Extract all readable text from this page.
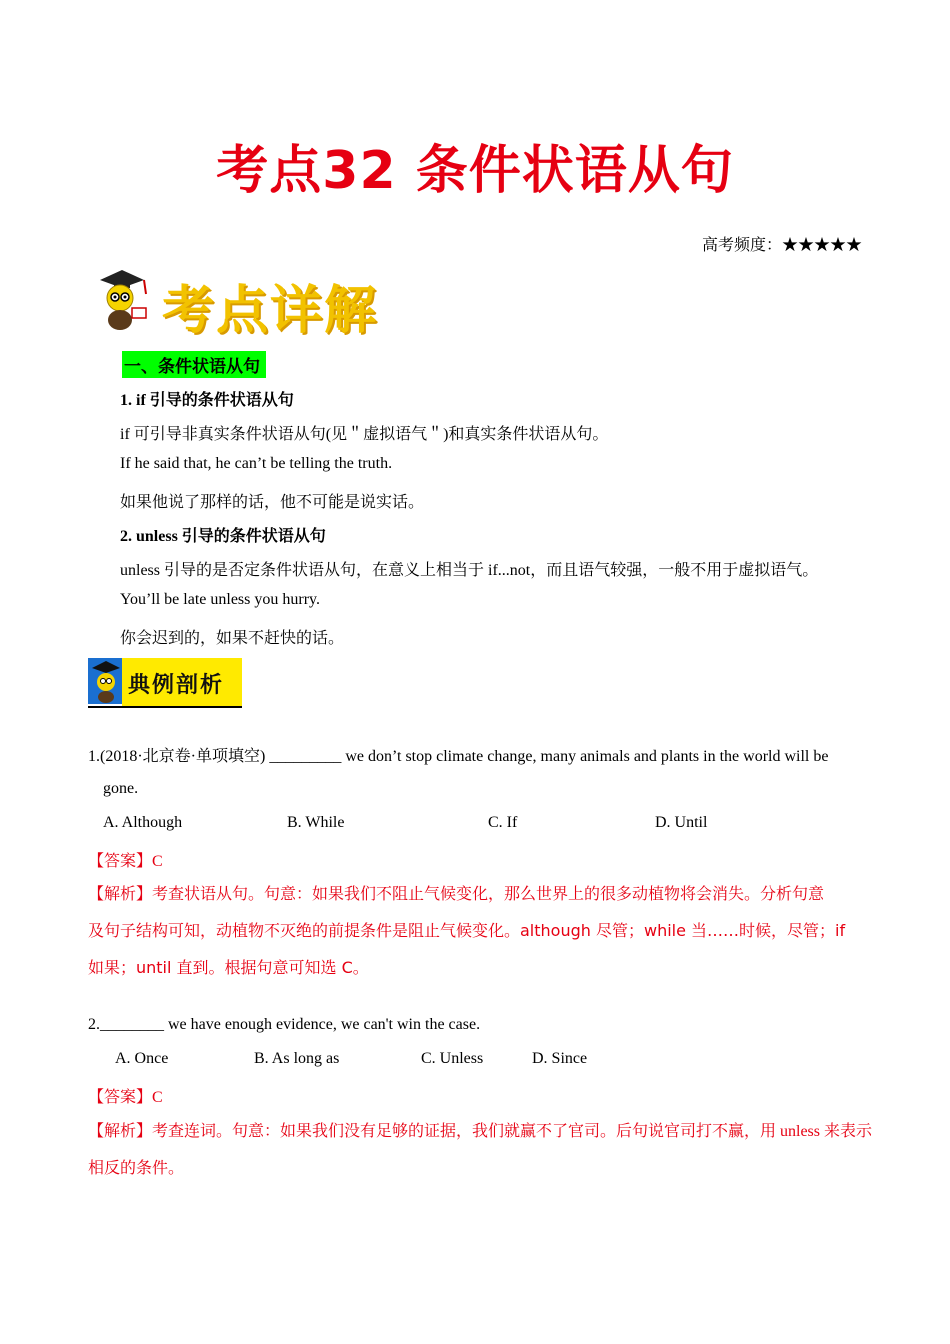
考点32 条件状语从句
高考频度：★★★★★
考点详解
一、条件状语从句
1. if 引导的条件状语从句
if 可引导非真实条件状语从句(见＂虚拟语气＂)和真实条件状语从句。
If he said that, he can’t be telling the truth.
如果他说了那样的话，他不可能是说实话。
2. unless 引导的条件状语从句
unless 引导的是否定条件状语从句，在意义上相当于 if...not，而且语气较强，一般不用于虚拟语气。
You’ll be late unless you hurry.
你会迟到的，如果不赶快的话。
典例剖析
1.(2018·北京卷·单项填空) _________ we don’t stop climate change, many animals and plants in the world will be
gone.
A. Although	B. While	C. If	D. Until
【答案】C
【解析】考查状语从句。句意：如果我们不阻止气候变化，那么世界上的很多动植物将会消失。分析句意
及句子结构可知，动植物不灭绝的前提条件是阻止气候变化。although 尽管；while 当……时候，尽管；if
如果；until 直到。根据句意可知选 C。
2.________ we have enough evidence, we can't win the case.
A. Once	B. As long as	C. Unless	D. Since
【答案】C
【解析】考查连词。句意：如果我们没有足够的证据，我们就赢不了官司。后句说官司打不赢，用 unless 来表示
相反的条件。
